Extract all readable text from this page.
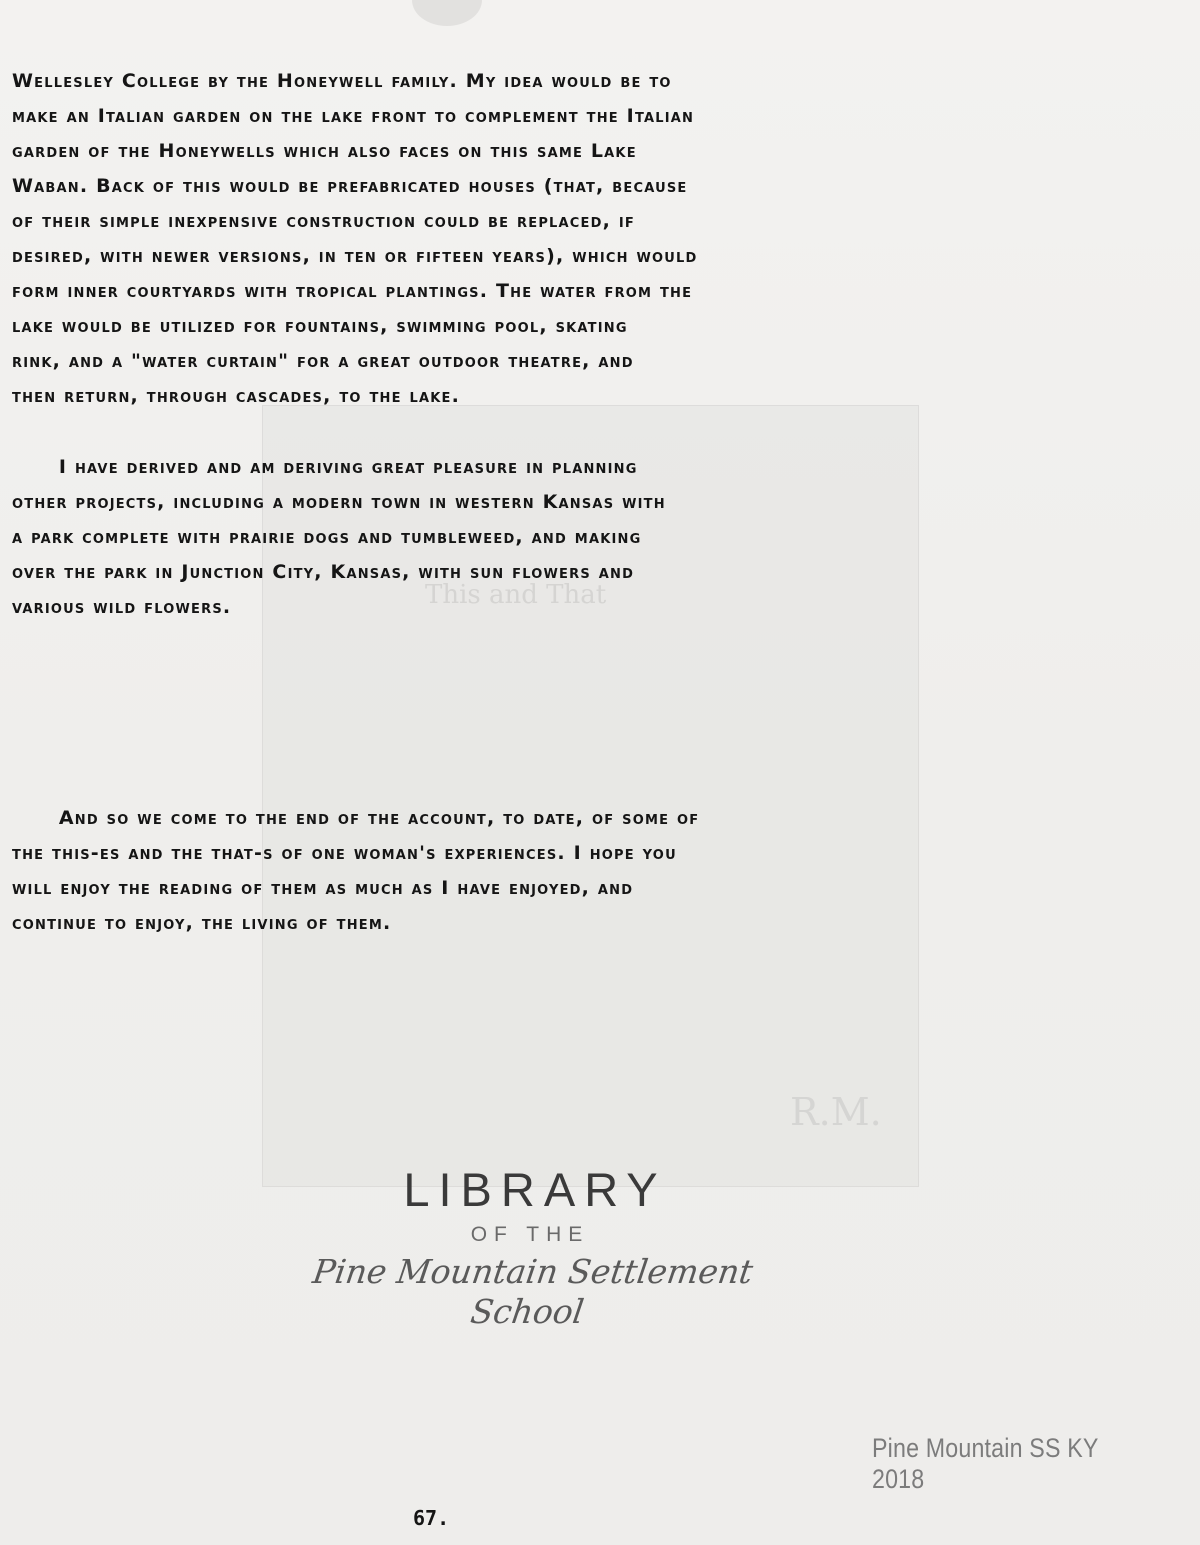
This and That
R.M.
Wellesley College by the Honeywell family. My idea would be to
make an Italian garden on the lake front to complement the Italian
garden of the Honeywells which also faces on this same Lake
Waban. Back of this would be prefabricated houses (that, because
of their simple inexpensive construction could be replaced, if
desired, with newer versions, in ten or fifteen years), which would
form inner courtyards with tropical plantings. The water from the
lake would be utilized for fountains, swimming pool, skating
rink, and a "water curtain" for a great outdoor theatre, and
then return, through cascades, to the lake.
I have derived and am deriving great pleasure in planning
other projects, including a modern town in western Kansas with
a park complete with prairie dogs and tumbleweed, and making
over the park in Junction City, Kansas, with sun flowers and
various wild flowers.
And so we come to the end of the account, to date, of some of
the this-es and the that-s of one woman's experiences. I hope you
will enjoy the reading of them as much as I have enjoyed, and
continue to enjoy, the living of them.
LIBRARY
OF THE
Pine Mountain Settlement School
Pine Mountain SS KY 2018
67.
